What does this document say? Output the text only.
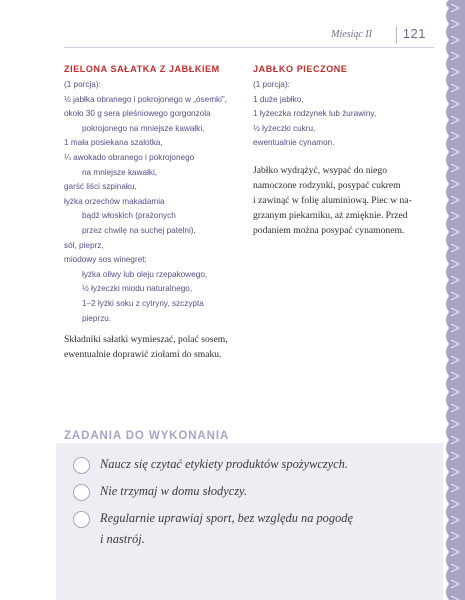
Miesiąc II 121
ZIELONA SAŁATKA Z JABŁKIEM

(1 porcja):

½ jabłka obranego i pokrojonego w „ósemki”,

około 30 g sera pleśniowego gorgonzola

pokrojonego na mniejsze kawałki,

1 mała posiekana szalotka,

¼ awokado obranego i pokrojonego

na mniejsze kawałki,

garść liści szpinaku,

łyżka orzechów makadamia

bądź włoskich (prażonych

przez chwilę na suchej patelni),

sól, pieprz,

miodowy sos winegret:

łyżka oliwy lub oleju rzepakowego,

½ łyżeczki miodu naturalnego,

1–2 łyżki soku z cytryny, szczypta

pieprzu.

Składniki sałatki wymieszać, polać sosem,

ewentualnie doprawić ziołami do smaku.

JABŁKO PIECZONE

(1 porcja):

1 duże jabłko,

1 łyżeczka rodzynek lub żurawiny,

½ łyżeczki cukru,

ewentualnie cynamon.

Jabłko wydrążyć, wsypać do niego

namoczone rodzynki, posypać cukrem

i zawinąć w folię aluminiową. Piec w na-

grzanym piekarniku, aż zmięknie. Przed

podaniem można posypać cynamonem.

ZADANIA DO WYKONANIA
Naucz się czytać etykiety produktów spożywczych.
Nie trzymaj w domu słodyczy.
Regularnie uprawiaj sport, bez względu na pogodę
i nastrój.
